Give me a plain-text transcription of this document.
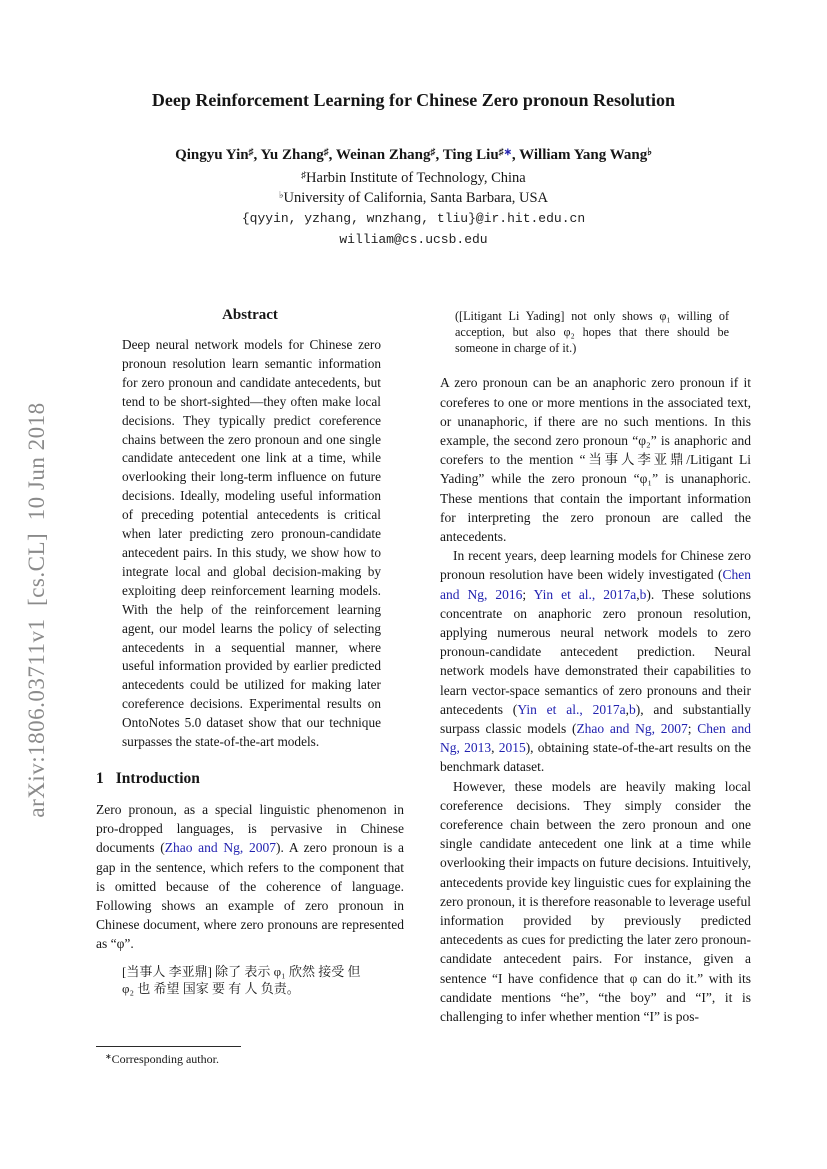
arXiv:1806.03711v1  [cs.CL]  10 Jun 2018
Deep Reinforcement Learning for Chinese Zero pronoun Resolution
Qingyu Yin♯, Yu Zhang♯, Weinan Zhang♯, Ting Liu♯∗, William Yang Wang♭
♯Harbin Institute of Technology, China
♭University of California, Santa Barbara, USA
{qyyin, yzhang, wnzhang, tliu}@ir.hit.edu.cn
william@cs.ucsb.edu
Abstract

Deep neural network models for Chinese zero pronoun resolution learn semantic information for zero pronoun and candidate antecedents, but tend to be short-sighted—they often make local decisions. They typically predict coreference chains between the zero pronoun and one single candidate antecedent one link at a time, while overlooking their long-term influence on future decisions. Ideally, modeling useful information of preceding potential antecedents is critical when later predicting zero pronoun-candidate antecedent pairs. In this study, we show how to integrate local and global decision-making by exploiting deep reinforcement learning models. With the help of the reinforcement learning agent, our model learns the policy of selecting antecedents in a sequential manner, where useful information provided by earlier predicted antecedents could be utilized for making later coreference decisions. Experimental results on OntoNotes 5.0 dataset show that our technique surpasses the state-of-the-art models.

1 Introduction

Zero pronoun, as a special linguistic phenomenon in pro-dropped languages, is pervasive in Chinese documents (Zhao and Ng, 2007). A zero pronoun is a gap in the sentence, which refers to the component that is omitted because of the coherence of language. Following shows an example of zero pronoun in Chinese document, where zero pronouns are represented as “φ”.

[当事人 李亚鼎] 除了 表示 φ₁ 欣然 接受 但
φ₂ 也 希望 国家 要 有 人 负责。
([Litigant Li Yading] not only shows φ₁ willing of acception, but also φ₂ hopes that there should be someone in charge of it.)

A zero pronoun can be an anaphoric zero pronoun if it coreferes to one or more mentions in the associated text, or unanaphoric, if there are no such mentions. In this example, the second zero pronoun “φ₂” is anaphoric and corefers to the mention “当事人李亚鼎/Litigant Li Yading” while the zero pronoun “φ₁” is unanaphoric. These mentions that contain the important information for interpreting the zero pronoun are called the antecedents.

In recent years, deep learning models for Chinese zero pronoun resolution have been widely investigated (Chen and Ng, 2016; Yin et al., 2017a,b). These solutions concentrate on anaphoric zero pronoun resolution, applying numerous neural network models to zero pronoun-candidate antecedent prediction. Neural network models have demonstrated their capabilities to learn vector-space semantics of zero pronouns and their antecedents (Yin et al., 2017a,b), and substantially surpass classic models (Zhao and Ng, 2007; Chen and Ng, 2013, 2015), obtaining state-of-the-art results on the benchmark dataset.

However, these models are heavily making local coreference decisions. They simply consider the coreference chain between the zero pronoun and one single candidate antecedent one link at a time while overlooking their impacts on future decisions. Intuitively, antecedents provide key linguistic cues for explaining the zero pronoun, it is therefore reasonable to leverage useful information provided by previously predicted antecedents as cues for predicting the later zero pronoun-candidate antecedent pairs. For instance, given a sentence “I have confidence that φ can do it.” with its candidate mentions “he”, “the boy” and “I”, it is challenging to infer whether mention “I” is pos-

∗Corresponding author.
